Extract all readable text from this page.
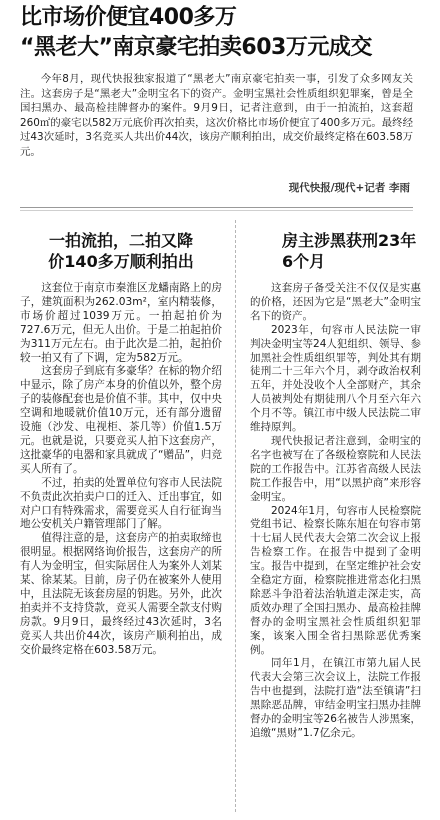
比市场价便宜400多万
“黑老大”南京豪宅拍卖603万元成交

今年8月，现代快报独家报道了“黑老大”南京豪宅拍卖一事，引发了众多网友关注。这套房子是“黑老大”金明宝名下的资产。金明宝黑社会性质组织犯罪案，曾是全国扫黑办、最高检挂牌督办的案件。9月9日，记者注意到，由于一拍流拍，这套超260㎡的豪宅以582万元底价再次拍卖，这次价格比市场价便宜了400多万元。最终经过43次延时，3名竞买人共出价44次，该房产顺利拍出，成交价最终定格在603.58万元。

现代快报/现代+记者 李雨
一拍流拍，二拍又降
价140多万顺利拍出

这套位于南京市秦淮区龙蟠南路上的房子，建筑面积为262.03m²，室内精装修，市场价超过1039万元。一拍起拍价为727.6万元，但无人出价。于是二拍起拍价为311万元左右。由于此次是二拍，起拍价较一拍又有了下调，定为582万元。

这套房子到底有多豪华？在标的物介绍中显示，除了房产本身的价值以外，整个房子的装修配套也是价值不菲。其中，仅中央空调和地暖就价值10万元，还有部分遗留设施（沙发、电视柜、茶几等）价值1.5万元。也就是说，只要竞买人拍下这套房产，这批豪华的电器和家具就成了“赠品”，归竞买人所有了。

不过，拍卖的处置单位句容市人民法院不负责此次拍卖户口的迁入、迁出事宜，如对户口有特殊需求，需要竞买人自行征询当地公安机关户籍管理部门了解。

值得注意的是，这套房产的拍卖取缔也很明显。根据网络询价报告，这套房产的所有人为金明宝，但实际居住人为案外人刘某某、徐某某。目前，房子仍在被案外人使用中，且法院无该套房屋的钥匙。另外，此次拍卖并不支持贷款，竞买人需要全款支付购房款。9月9日，最终经过43次延时，3名竞买人共出价44次，该房产顺利拍出，成交价最终定格在603.58万元。

房主涉黑获刑23年
6个月

这套房子备受关注不仅仅是实惠的价格，还因为它是“黑老大”金明宝名下的资产。

2023年，句容市人民法院一审判决金明宝等24人犯组织、领导、参加黑社会性质组织罪等，判处其有期徒刑二十三年六个月，剥夺政治权利五年，并处没收个人全部财产，其余人员被判处有期徒刑八个月至六年六个月不等。镇江市中级人民法院二审维持原判。

现代快报记者注意到，金明宝的名字也被写在了各级检察院和人民法院的工作报告中。江苏省高级人民法院工作报告中，用“以黑护商”来形容金明宝。

2024年1月，句容市人民检察院党组书记、检察长陈东旭在句容市第十七届人民代表大会第二次会议上报告检察工作。在报告中提到了金明宝。报告中提到，在坚定维护社会安全稳定方面，检察院推进常态化扫黑除恶斗争沿着法治轨道走深走实，高质效办理了全国扫黑办、最高检挂牌督办的金明宝黑社会性质组织犯罪案，该案入围全省扫黑除恶优秀案例。

同年1月，在镇江市第九届人民代表大会第三次会议上，法院工作报告中也提到，法院打造“法至镇请”扫黑除恶品牌，审结金明宝扫黑办挂牌督办的金明宝等26名被告人涉黑案，追缴“黑财”1.7亿余元。
